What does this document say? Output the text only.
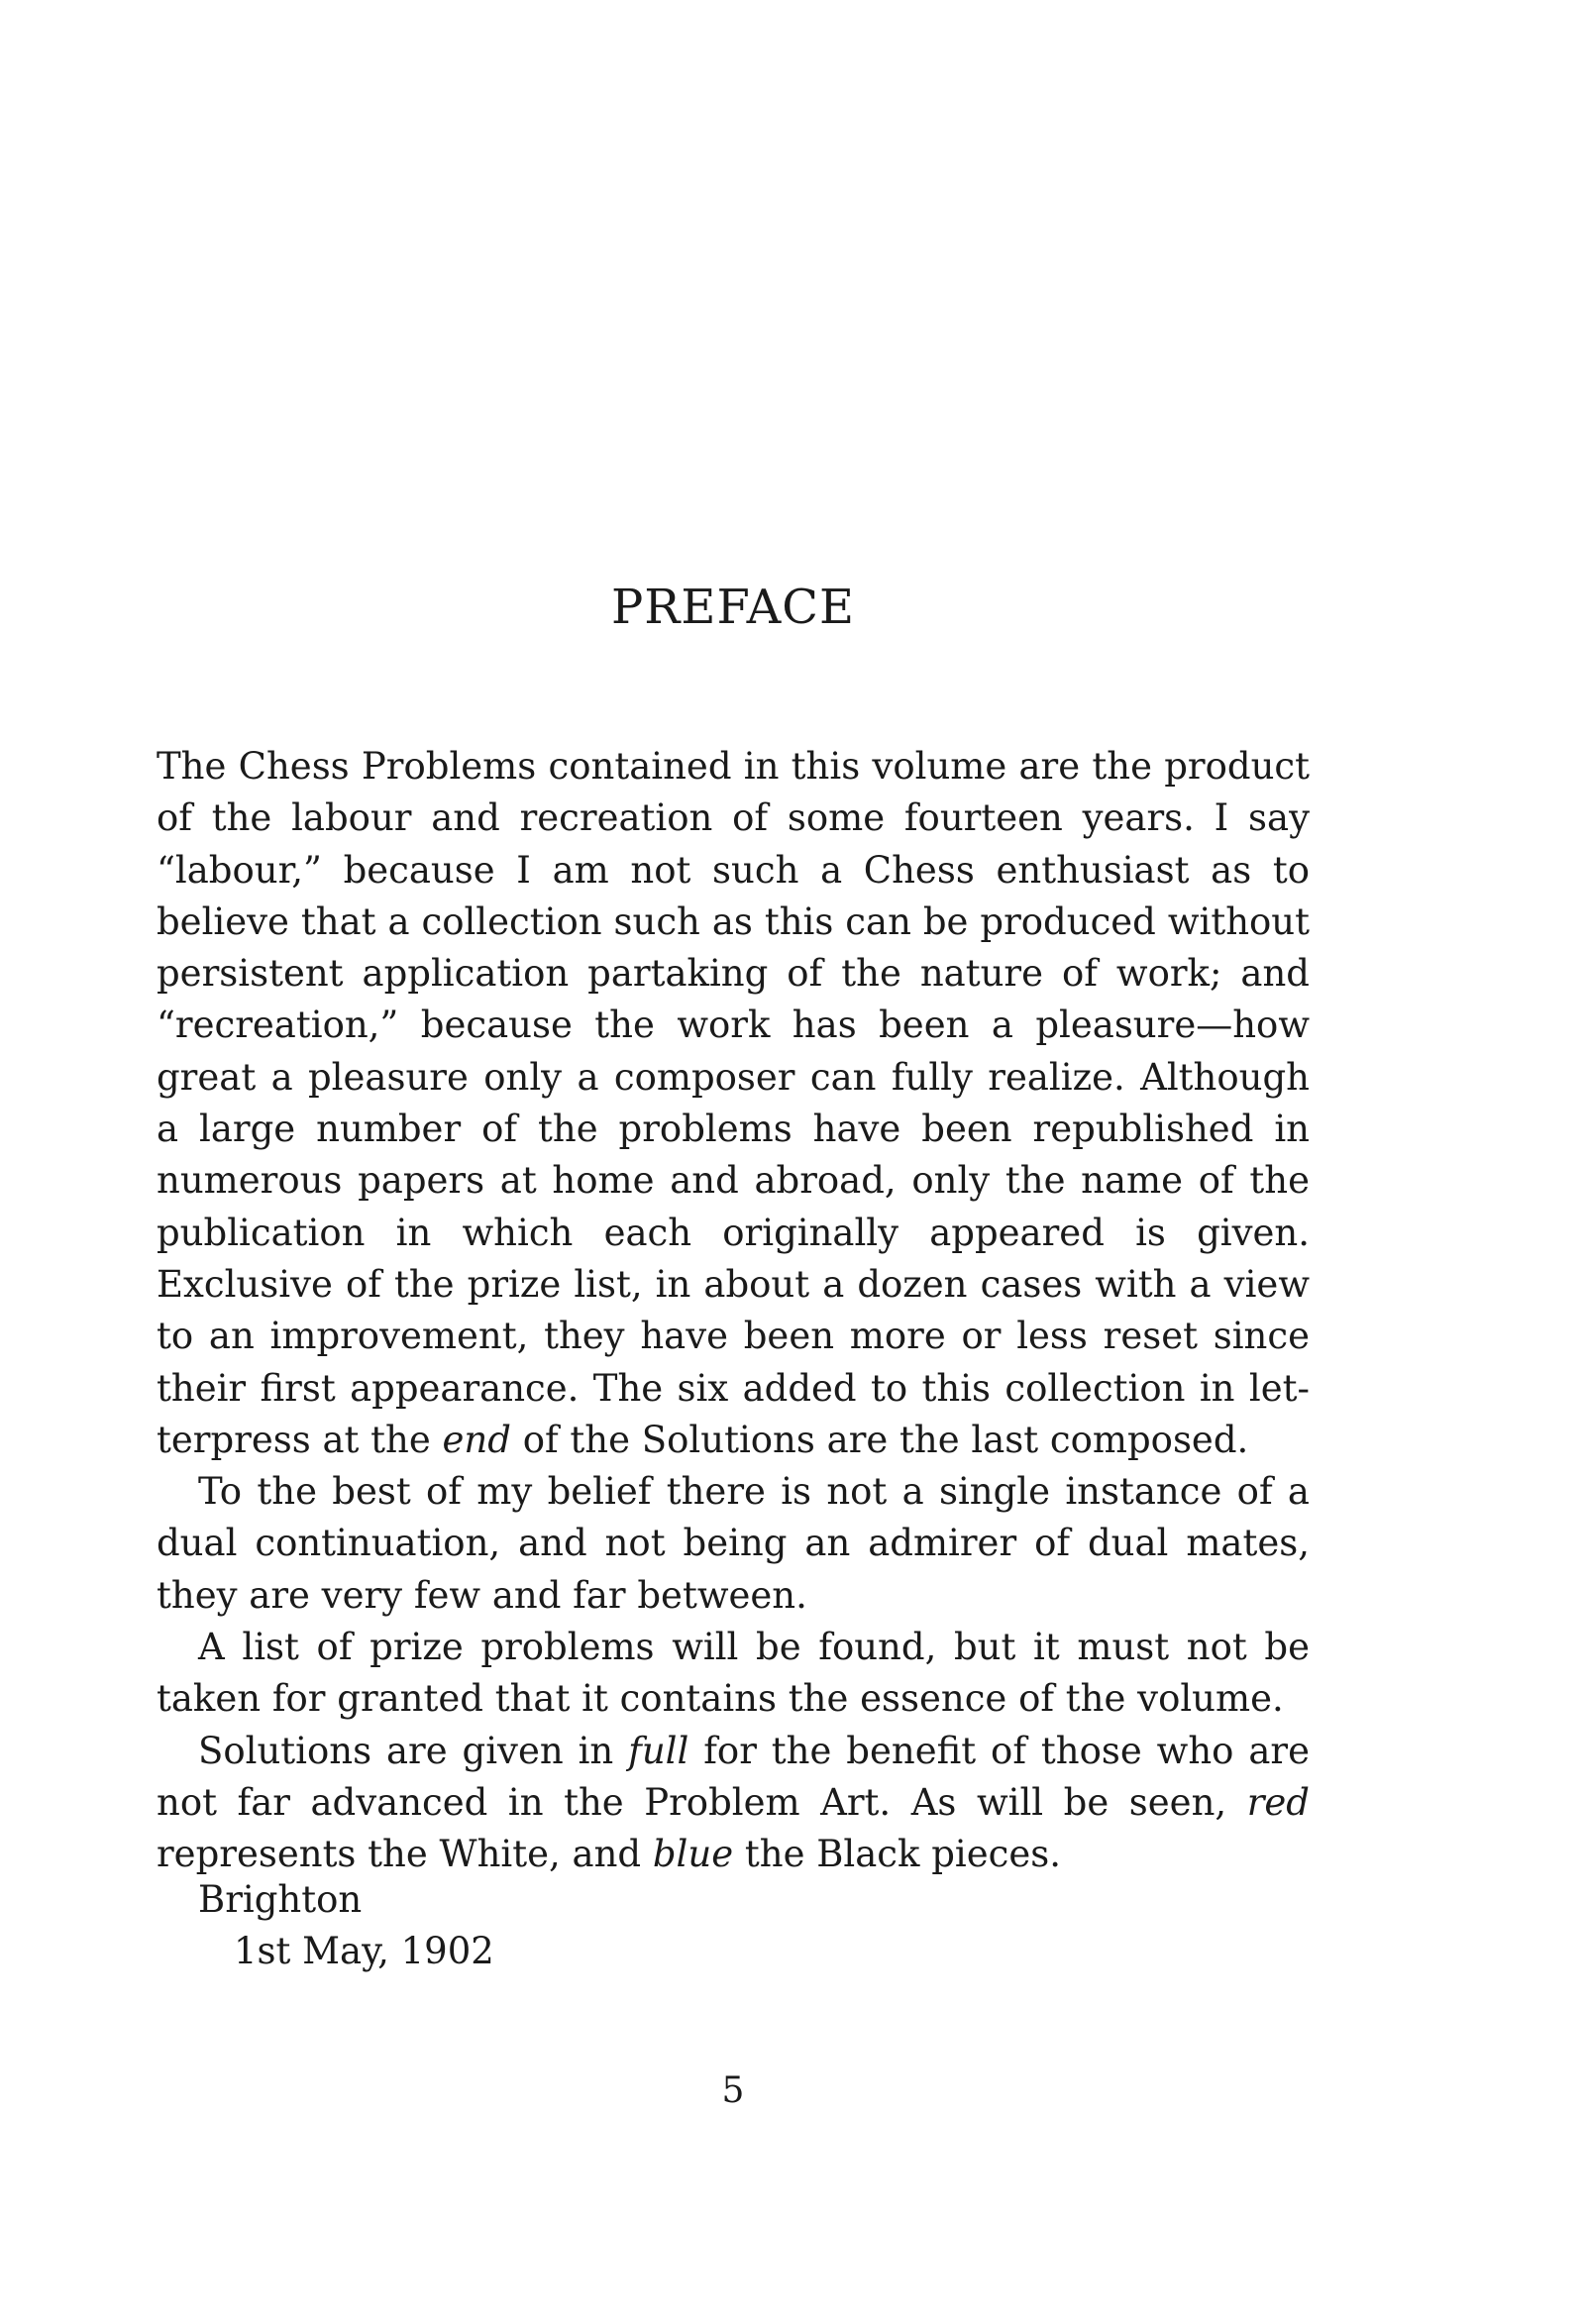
PREFACE

The Chess Problems contained in this volume are the product of the labour and recreation of some fourteen years. I say “labour,” because I am not such a Chess enthusiast as to believe that a collection such as this can be produced without persistent application partaking of the nature of work; and “recreation,” because the work has been a pleasure—how great a pleasure only a composer can fully realize. Although a large number of the problems have been republished in numerous papers at home and abroad, only the name of the publication in which each originally appeared is given. Exclusive of the prize list, in about a dozen cases with a view to an improvement, they have been more or less reset since their first appearance. The six added to this collection in letterpress at the end of the Solutions are the last composed.

To the best of my belief there is not a single instance of a dual continuation, and not being an admirer of dual mates, they are very few and far between.

A list of prize problems will be found, but it must not be taken for granted that it contains the essence of the volume.

Solutions are given in full for the benefit of those who are not far advanced in the Problem Art. As will be seen, red represents the White, and blue the Black pieces.

Brighton
1st May, 1902
5
